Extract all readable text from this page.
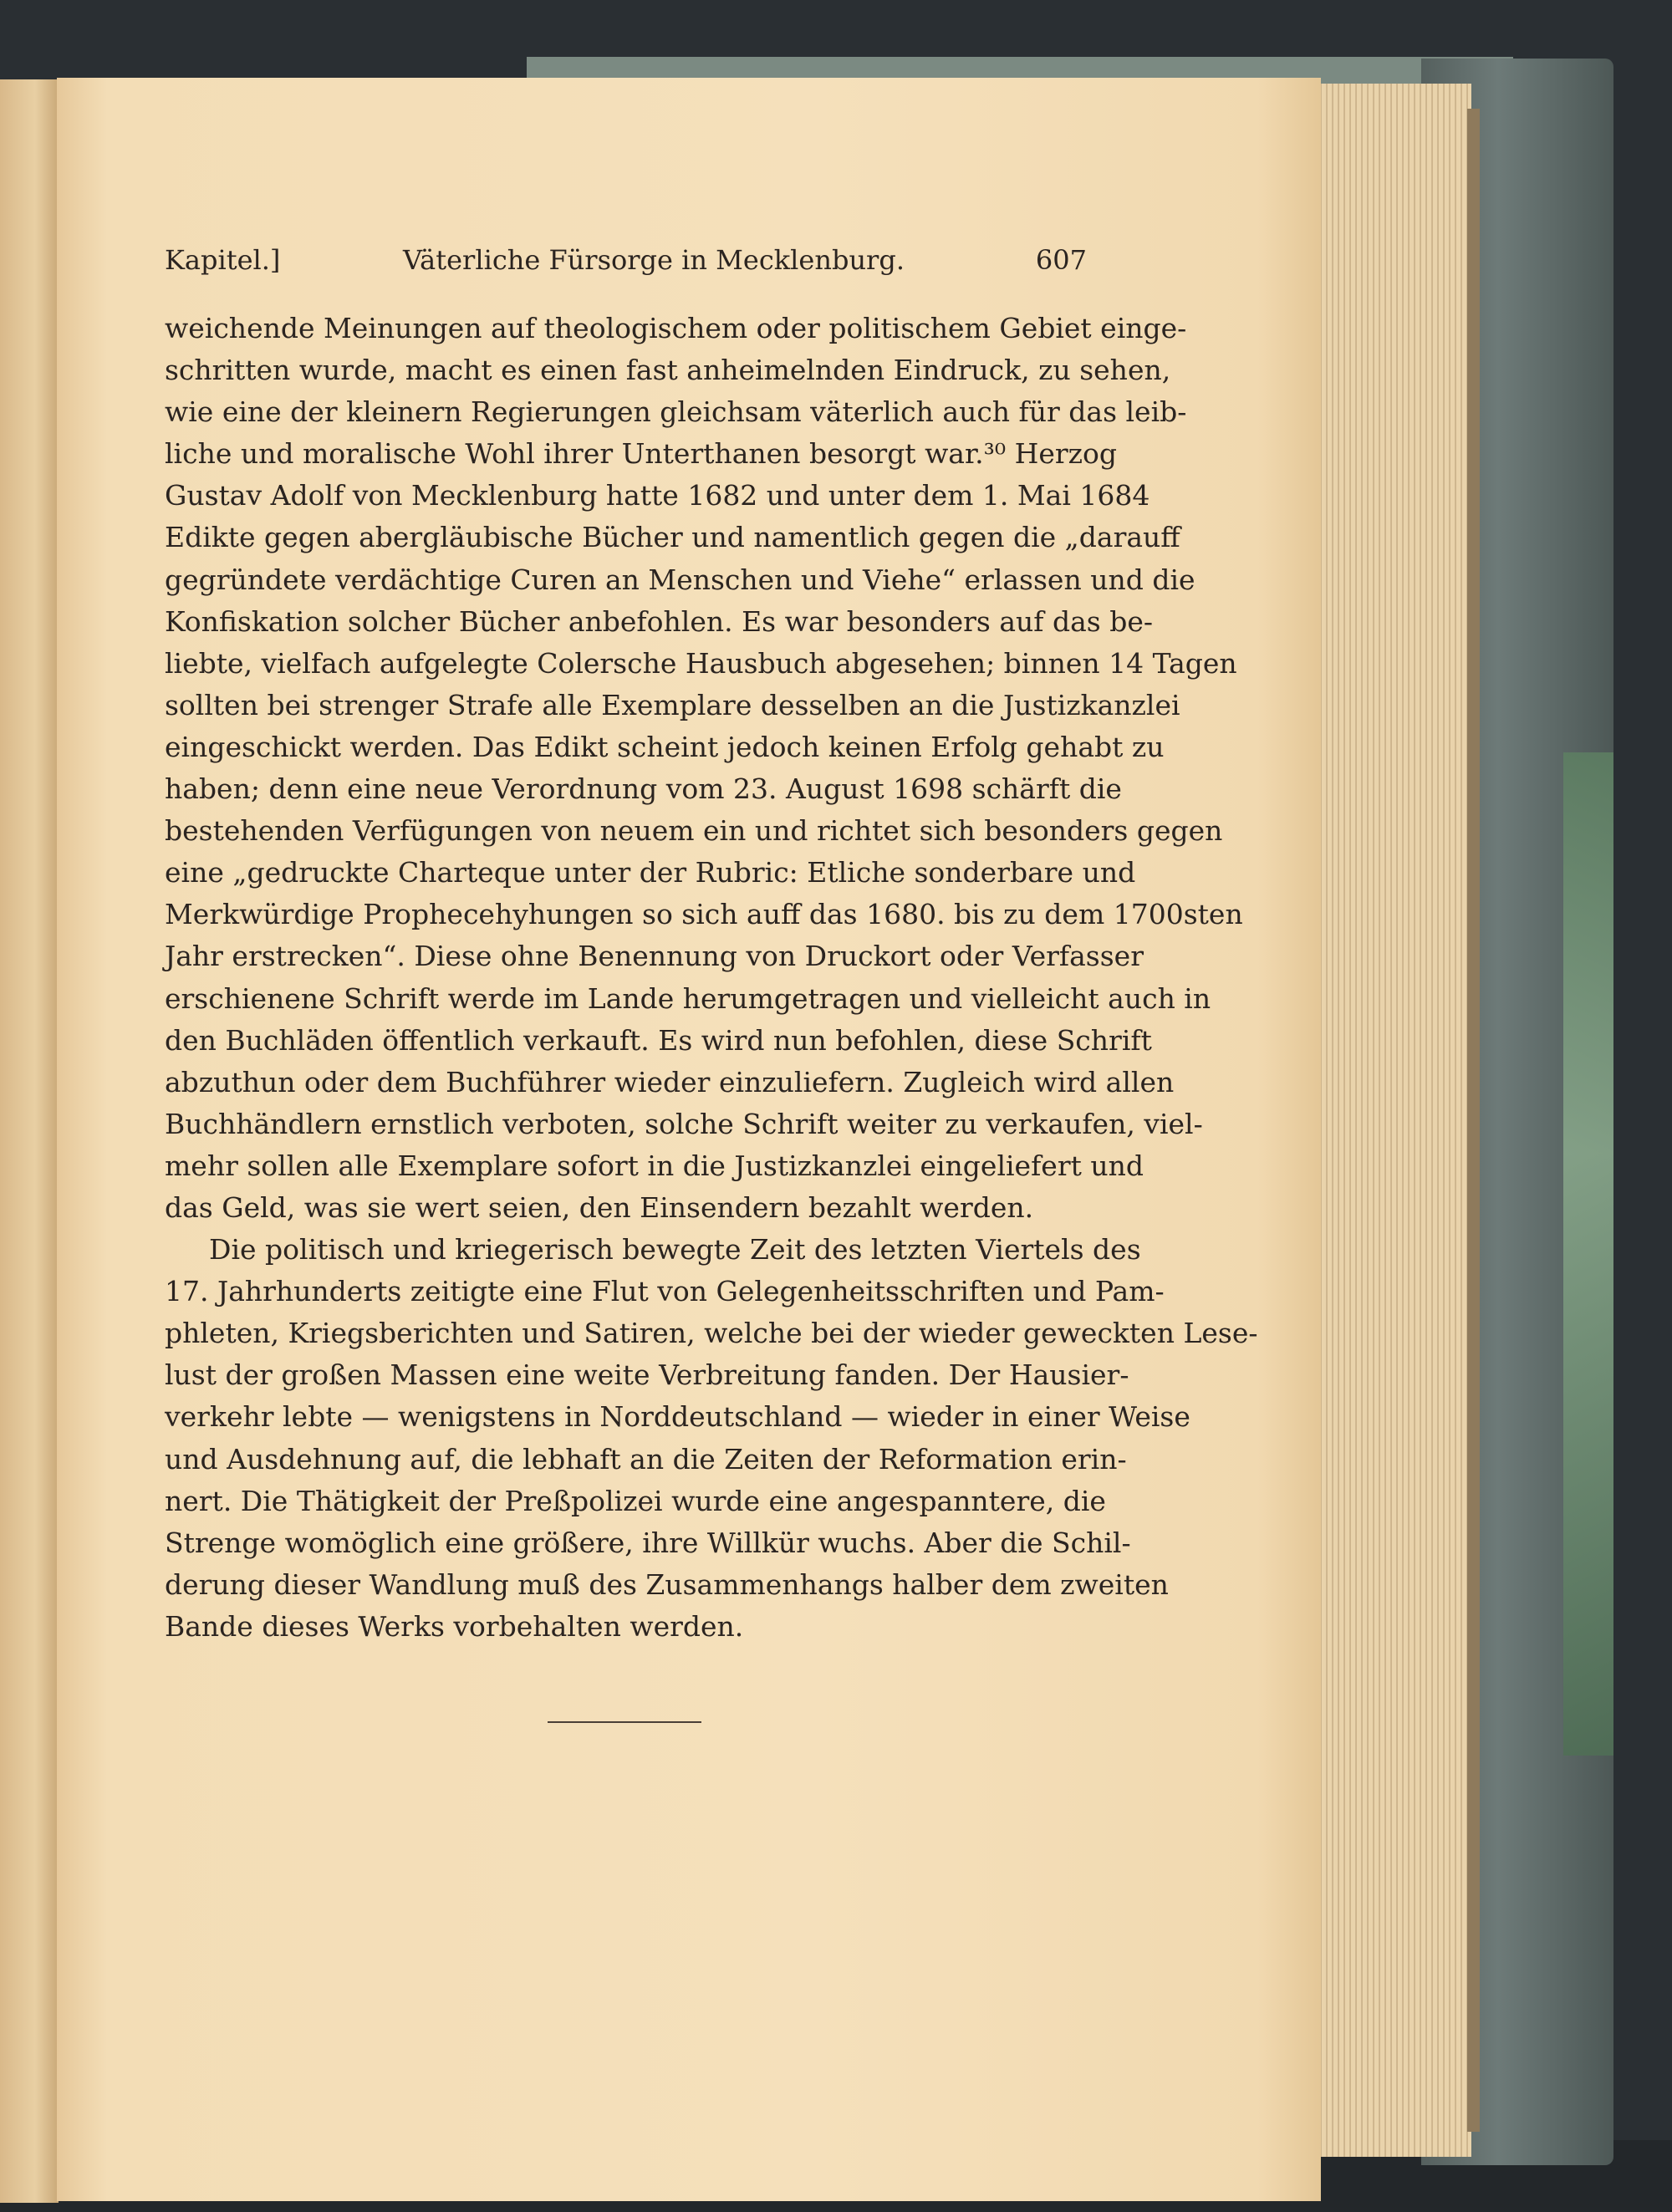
Kapitel.]	Väterliche Fürsorge in Mecklenburg.	607
weichende Meinungen auf theologischem oder politischem Gebiet einge-
schritten wurde, macht es einen fast anheimelnden Eindruck, zu sehen,
wie eine der kleinern Regierungen gleichsam väterlich auch für das leib-
liche und moralische Wohl ihrer Unterthanen besorgt war.³⁰ Herzog
Gustav Adolf von Mecklenburg hatte 1682 und unter dem 1. Mai 1684
Edikte gegen abergläubische Bücher und namentlich gegen die „darauff
gegründete verdächtige Curen an Menschen und Viehe“ erlassen und die
Konfiskation solcher Bücher anbefohlen. Es war besonders auf das be-
liebte, vielfach aufgelegte Colersche Hausbuch abgesehen; binnen 14 Tagen
sollten bei strenger Strafe alle Exemplare desselben an die Justizkanzlei
eingeschickt werden. Das Edikt scheint jedoch keinen Erfolg gehabt zu
haben; denn eine neue Verordnung vom 23. August 1698 schärft die
bestehenden Verfügungen von neuem ein und richtet sich besonders gegen
eine „gedruckte Charteque unter der Rubric: Etliche sonderbare und
Merkwürdige Prophecehyhungen so sich auff das 1680. bis zu dem 1700sten
Jahr erstrecken“. Diese ohne Benennung von Druckort oder Verfasser
erschienene Schrift werde im Lande herumgetragen und vielleicht auch in
den Buchläden öffentlich verkauft. Es wird nun befohlen, diese Schrift
abzuthun oder dem Buchführer wieder einzuliefern. Zugleich wird allen
Buchhändlern ernstlich verboten, solche Schrift weiter zu verkaufen, viel-
mehr sollen alle Exemplare sofort in die Justizkanzlei eingeliefert und
das Geld, was sie wert seien, den Einsendern bezahlt werden.
Die politisch und kriegerisch bewegte Zeit des letzten Viertels des
17. Jahrhunderts zeitigte eine Flut von Gelegenheitsschriften und Pam-
phleten, Kriegsberichten und Satiren, welche bei der wieder geweckten Lese-
lust der großen Massen eine weite Verbreitung fanden. Der Hausier-
verkehr lebte — wenigstens in Norddeutschland — wieder in einer Weise
und Ausdehnung auf, die lebhaft an die Zeiten der Reformation erin-
nert. Die Thätigkeit der Preßpolizei wurde eine angespanntere, die
Strenge womöglich eine größere, ihre Willkür wuchs. Aber die Schil-
derung dieser Wandlung muß des Zusammenhangs halber dem zweiten
Bande dieses Werks vorbehalten werden.
